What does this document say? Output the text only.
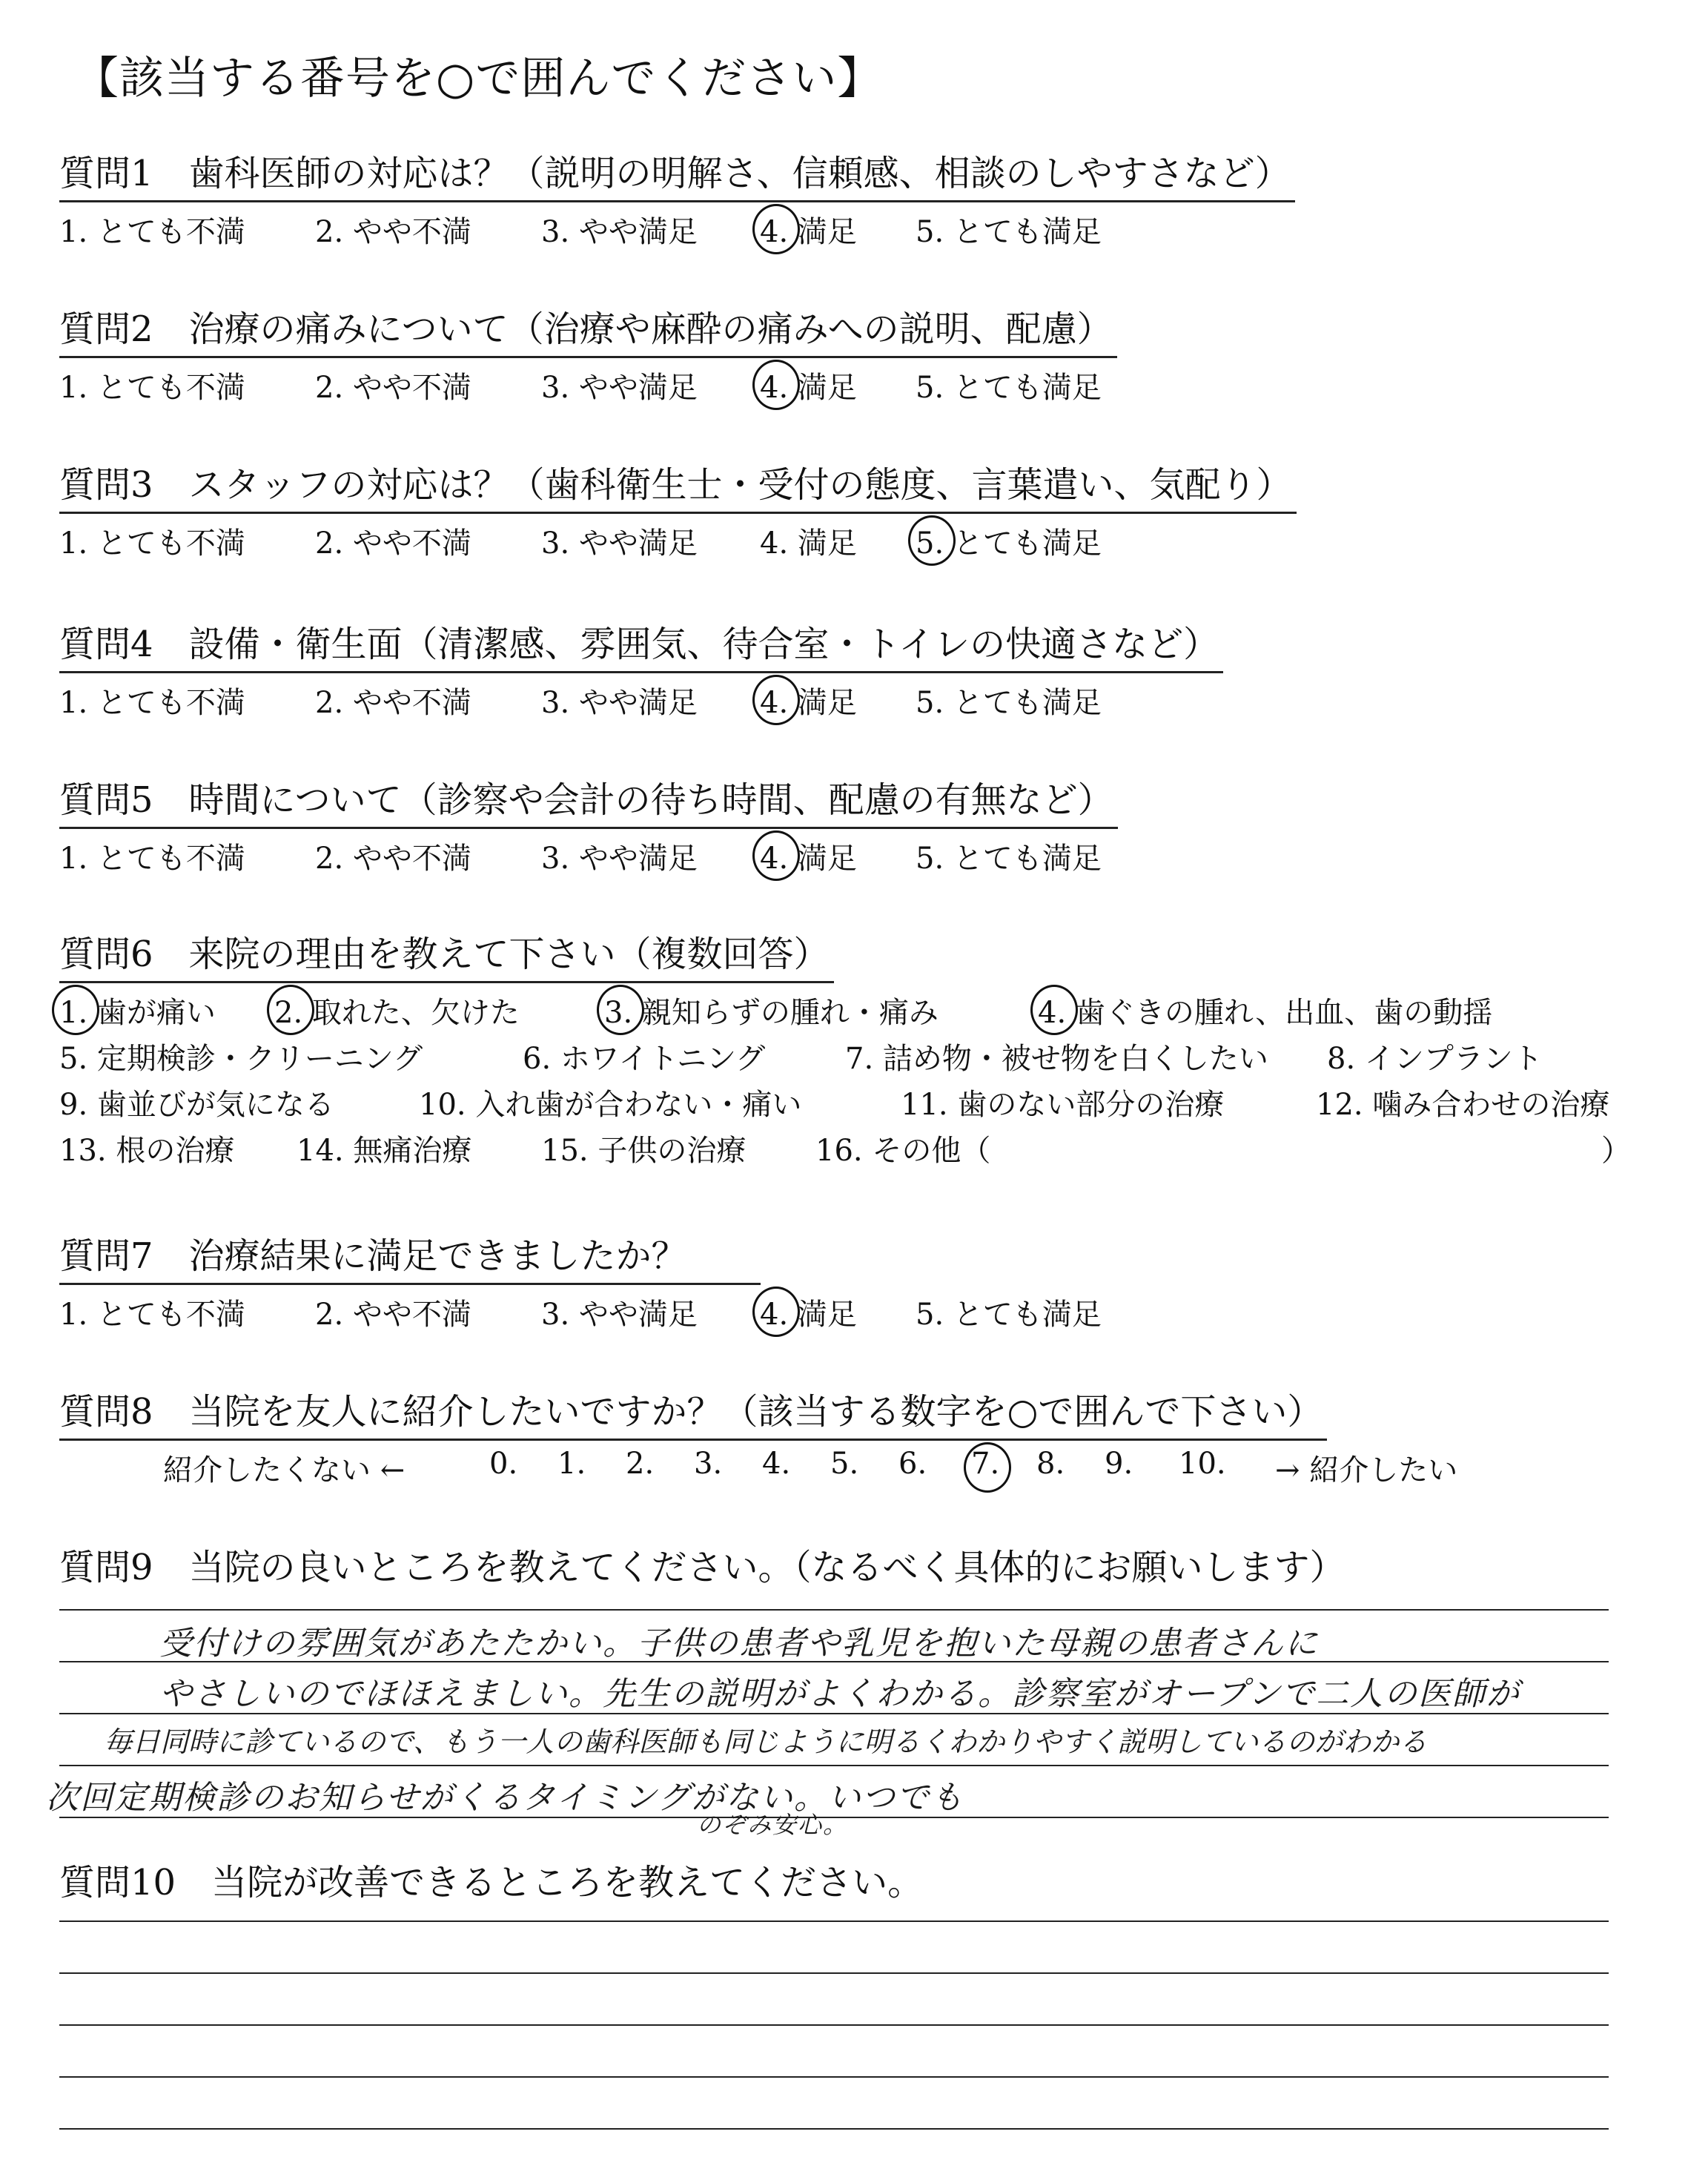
【該当する番号を○で囲んでください】
質問1　歯科医師の対応は？（説明の明解さ、信頼感、相談のしやすさなど）
1. とても不満 2. やや不満 3. やや満足 4. 満足 5. とても満足
質問2　治療の痛みについて（治療や麻酔の痛みへの説明、配慮）
1. とても不満 2. やや不満 3. やや満足 4. 満足 5. とても満足
質問3　スタッフの対応は？（歯科衛生士・受付の態度、言葉遣い、気配り）
1. とても不満 2. やや不満 3. やや満足 4. 満足 5. とても満足
質問4　設備・衛生面（清潔感、雰囲気、待合室・トイレの快適さなど）
1. とても不満 2. やや不満 3. やや満足 4. 満足 5. とても満足
質問5　時間について（診察や会計の待ち時間、配慮の有無など）
1. とても不満 2. やや不満 3. やや満足 4. 満足 5. とても満足
質問6　来院の理由を教えて下さい（複数回答）
1. 歯が痛い 2. 取れた、欠けた	3. 親知らずの腫れ・痛み	4. 歯ぐきの腫れ、出血、歯の動揺
5. 定期検診・クリーニング	6. ホワイトニング	7. 詰め物・被せ物を白くしたい 8. インプラント
9. 歯並びが気になる	10. 入れ歯が合わない・痛い	11. 歯のない部分の治療	12. 噛み合わせの治療
13. 根の治療 14. 無痛治療 15. 子供の治療 16. その他（	）
質問7　治療結果に満足できましたか？
1. とても不満 2. やや不満 3. やや満足 4. 満足 5. とても満足
質問8　当院を友人に紹介したいですか？（該当する数字を○で囲んで下さい）
紹介したくない ←	0. 1. 2. 3. 4. 5. 6. 7. 8. 9. 10. → 紹介したい
質問9　当院の良いところを教えてください。（なるべく具体的にお願いします）
受付けの雰囲気があたたかい。子供の患者や乳児を抱いた母親の患者さんに
やさしいのでほほえましい。先生の説明がよくわかる。診察室がオープンで二人の医師が
毎日同時に診ているので、もう一人の歯科医師も同じように明るくわかりやすく説明しているのがわかる
次回定期検診のお知らせがくるタイミングがない。いつでも
のぞみ安心。
質問10　当院が改善できるところを教えてください。
